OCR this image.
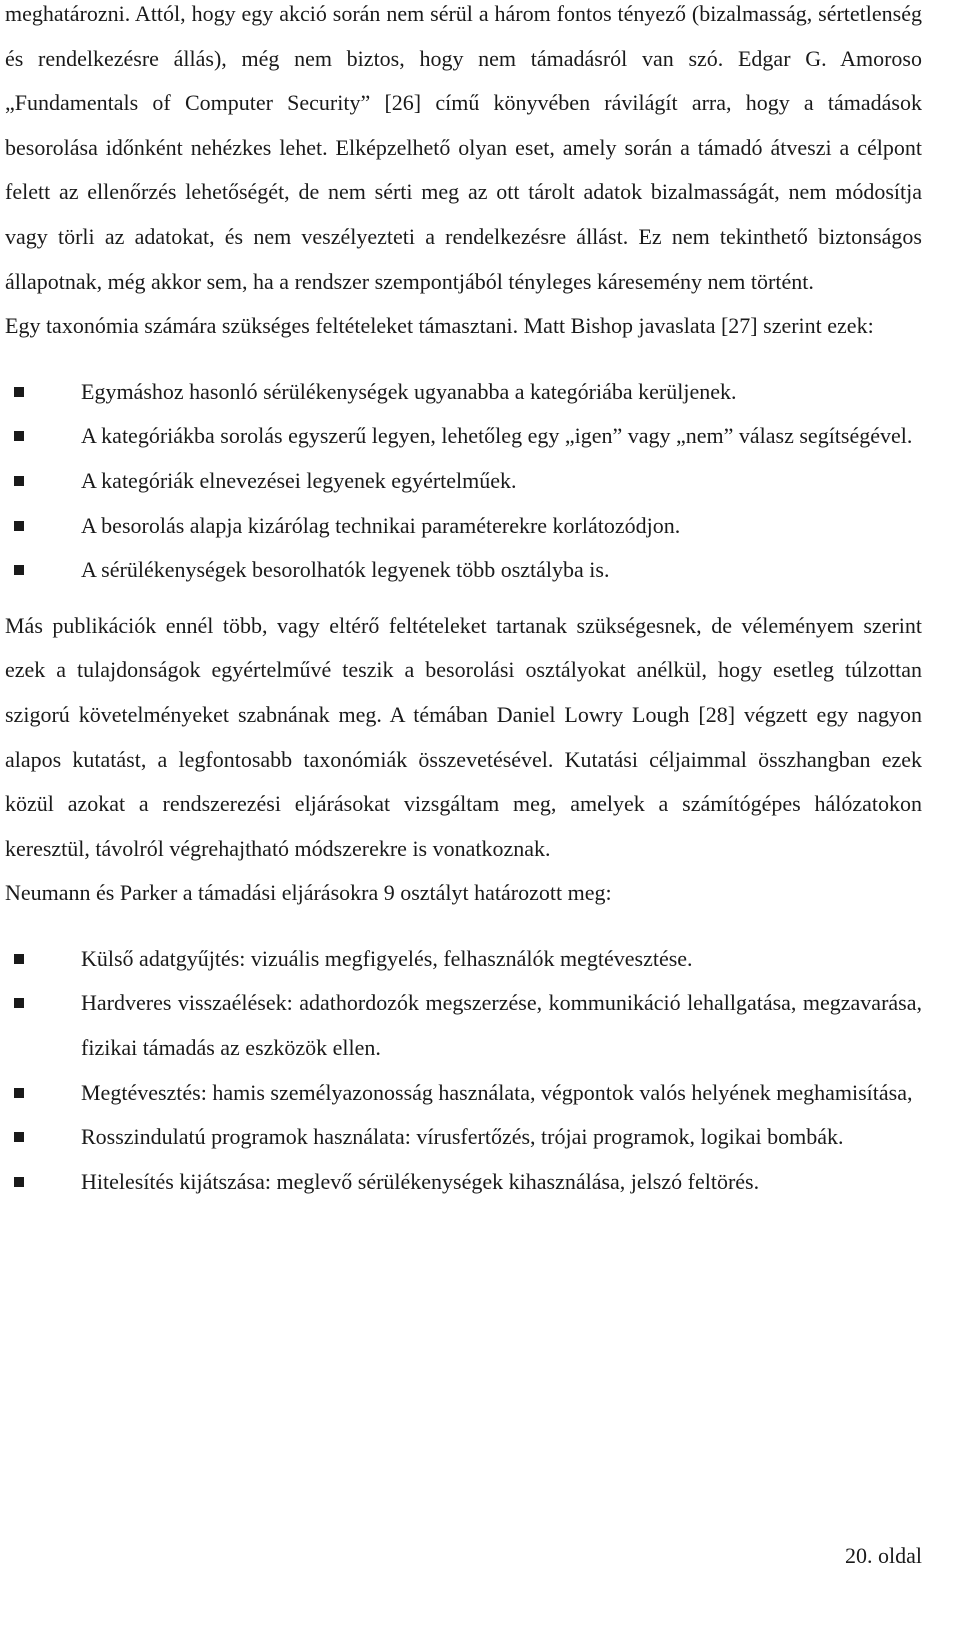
meghatározni. Attól, hogy egy akció során nem sérül a három fontos tényező (bizalmasság, sértetlenség és rendelkezésre állás), még nem biztos, hogy nem támadásról van szó. Edgar G. Amoroso „Fundamentals of Computer Security” [26] című könyvében rávilágít arra, hogy a támadások besorolása időnként nehézkes lehet. Elképzelhető olyan eset, amely során a támadó átveszi a célpont felett az ellenőrzés lehetőségét, de nem sérti meg az ott tárolt adatok bizalmasságát, nem módosítja vagy törli az adatokat, és nem veszélyezteti a rendelkezésre állást. Ez nem tekinthető biztonságos állapotnak, még akkor sem, ha a rendszer szempontjából tényleges káresemény nem történt.

Egy taxonómia számára szükséges feltételeket támasztani. Matt Bishop javaslata [27] szerint ezek:

Egymáshoz hasonló sérülékenységek ugyanabba a kategóriába kerüljenek.
A kategóriákba sorolás egyszerű legyen, lehetőleg egy „igen” vagy „nem” válasz segítségével.
A kategóriák elnevezései legyenek egyértelműek.
A besorolás alapja kizárólag technikai paraméterekre korlátozódjon.
A sérülékenységek besorolhatók legyenek több osztályba is.

Más publikációk ennél több, vagy eltérő feltételeket tartanak szükségesnek, de véleményem szerint ezek a tulajdonságok egyértelművé teszik a besorolási osztályokat anélkül, hogy esetleg túlzottan szigorú követelményeket szabnának meg. A témában Daniel Lowry Lough [28] végzett egy nagyon alapos kutatást, a legfontosabb taxonómiák összevetésével. Kutatási céljaimmal összhangban ezek közül azokat a rendszerezési eljárásokat vizsgáltam meg, amelyek a számítógépes hálózatokon keresztül, távolról végrehajtható módszerekre is vonatkoznak.

Neumann és Parker a támadási eljárásokra 9 osztályt határozott meg:

Külső adatgyűjtés: vizuális megfigyelés, felhasználók megtévesztése.
Hardveres visszaélések: adathordozók megszerzése, kommunikáció lehallgatása, megzavarása, fizikai támadás az eszközök ellen.
Megtévesztés: hamis személyazonosság használata, végpontok valós helyének meghamisítása,
Rosszindulatú programok használata: vírusfertőzés, trójai programok, logikai bombák.
Hitelesítés kijátszása: meglevő sérülékenységek kihasználása, jelszó feltörés.
20. oldal
